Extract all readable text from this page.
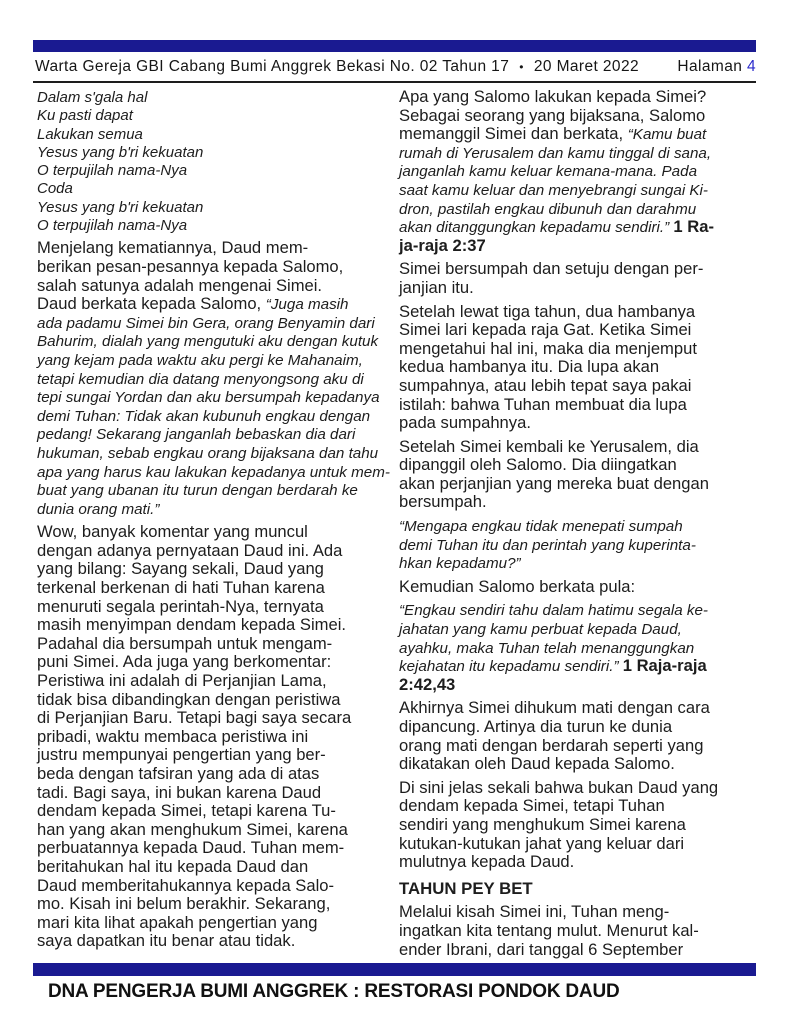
Warta Gereja GBI Cabang Bumi Anggrek Bekasi No. 02 Tahun 17 • 20 Maret 2022 Halaman 4
Dalam s'gala hal
Ku pasti dapat
Lakukan semua
Yesus yang b'ri kekuatan
O terpujilah nama-Nya
Coda
Yesus yang b'ri kekuatan
O terpujilah nama-Nya
Menjelang kematiannya, Daud mem-
berikan pesan-pesannya kepada Salomo,
salah satunya adalah mengenai Simei.
Daud berkata kepada Salomo, “Juga masih
ada padamu Simei bin Gera, orang Benyamin dari
Bahurim, dialah yang mengutuki aku dengan kutuk
yang kejam pada waktu aku pergi ke Mahanaim,
tetapi kemudian dia datang menyongsong aku di
tepi sungai Yordan dan aku bersumpah kepadanya
demi Tuhan: Tidak akan kubunuh engkau dengan
pedang! Sekarang janganlah bebaskan dia dari
hukuman, sebab engkau orang bijaksana dan tahu
apa yang harus kau lakukan kepadanya untuk mem-
buat yang ubanan itu turun dengan berdarah ke
dunia orang mati.”
Wow, banyak komentar yang muncul
dengan adanya pernyataan Daud ini. Ada
yang bilang: Sayang sekali, Daud yang
terkenal berkenan di hati Tuhan karena
menuruti segala perintah-Nya, ternyata
masih menyimpan dendam kepada Simei.
Padahal dia bersumpah untuk mengam-
puni Simei. Ada juga yang berkomentar:
Peristiwa ini adalah di Perjanjian Lama,
tidak bisa dibandingkan dengan peristiwa
di Perjanjian Baru. Tetapi bagi saya secara
pribadi, waktu membaca peristiwa ini
justru mempunyai pengertian yang ber-
beda dengan tafsiran yang ada di atas
tadi. Bagi saya, ini bukan karena Daud
dendam kepada Simei, tetapi karena Tu-
han yang akan menghukum Simei, karena
perbuatannya kepada Daud. Tuhan mem-
beritahukan hal itu kepada Daud dan
Daud memberitahukannya kepada Salo-
mo. Kisah ini belum berakhir. Sekarang,
mari kita lihat apakah pengertian yang
saya dapatkan itu benar atau tidak.
Apa yang Salomo lakukan kepada Simei?
Sebagai seorang yang bijaksana, Salomo
memanggil Simei dan berkata, “Kamu buat
rumah di Yerusalem dan kamu tinggal di sana,
janganlah kamu keluar kemana-mana. Pada
saat kamu keluar dan menyebrangi sungai Ki-
dron, pastilah engkau dibunuh dan darahmu
akan ditanggungkan kepadamu sendiri.” 1 Ra-
ja-raja 2:37
Simei bersumpah dan setuju dengan per-
janjian itu.
Setelah lewat tiga tahun, dua hambanya
Simei lari kepada raja Gat. Ketika Simei
mengetahui hal ini, maka dia menjemput
kedua hambanya itu. Dia lupa akan
sumpahnya, atau lebih tepat saya pakai
istilah: bahwa Tuhan membuat dia lupa
pada sumpahnya.
Setelah Simei kembali ke Yerusalem, dia
dipanggil oleh Salomo. Dia diingatkan
akan perjanjian yang mereka buat dengan
bersumpah.
“Mengapa engkau tidak menepati sumpah
demi Tuhan itu dan perintah yang kuperinta-
hkan kepadamu?”
Kemudian Salomo berkata pula:
“Engkau sendiri tahu dalam hatimu segala ke-
jahatan yang kamu perbuat kepada Daud,
ayahku, maka Tuhan telah menanggungkan
kejahatan itu kepadamu sendiri.” 1 Raja-raja
2:42,43
Akhirnya Simei dihukum mati dengan cara
dipancung. Artinya dia turun ke dunia
orang mati dengan berdarah seperti yang
dikatakan oleh Daud kepada Salomo.
Di sini jelas sekali bahwa bukan Daud yang
dendam kepada Simei, tetapi Tuhan
sendiri yang menghukum Simei karena
kutukan-kutukan jahat yang keluar dari
mulutnya kepada Daud.
TAHUN PEY BET
Melalui kisah Simei ini, Tuhan meng-
ingatkan kita tentang mulut. Menurut kal-
ender Ibrani, dari tanggal 6 September
DNA PENGERJA BUMI ANGGREK : RESTORASI PONDOK DAUD
